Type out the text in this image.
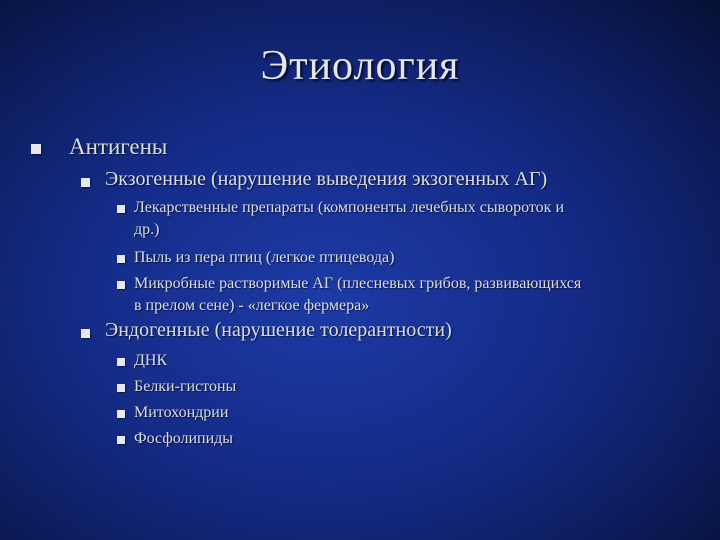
Этиология
Антигены
Экзогенные (нарушение выведения экзогенных АГ)
Лекарственные препараты (компоненты лечебных сывороток и
др.)
Пыль из пера птиц (легкое птицевода)
Микробные растворимые АГ (плесневых грибов, развивающихся
в прелом сене) - «легкое фермера»
Эндогенные (нарушение толерантности)
ДНК
Белки-гистоны
Митохондрии
Фосфолипиды
